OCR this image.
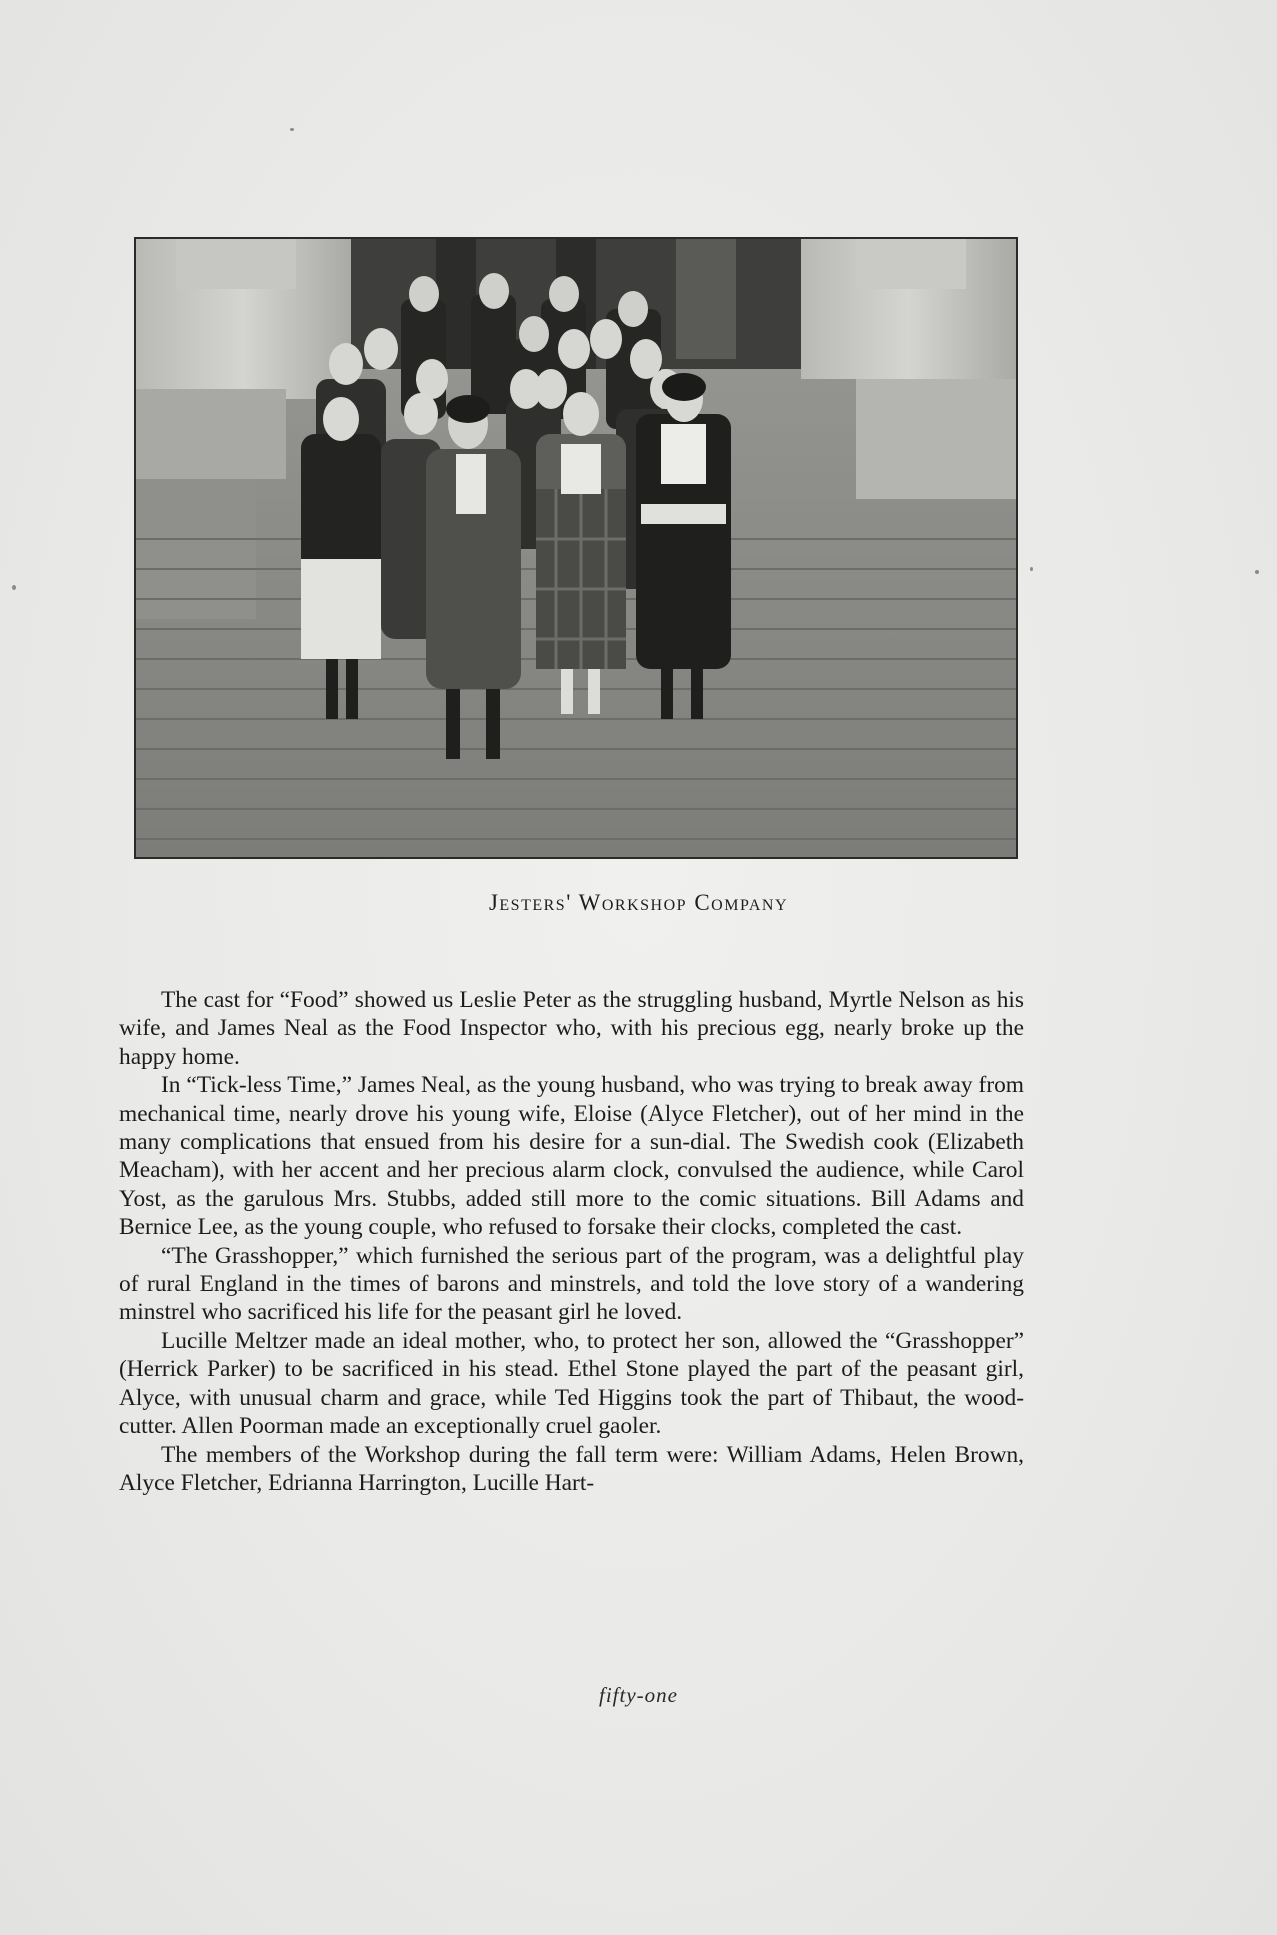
Jesters' Workshop Company

The cast for “Food” showed us Leslie Peter as the struggling husband, Myrtle Nelson as his wife, and James Neal as the Food Inspector who, with his precious egg, nearly broke up the happy home.

In “Tick-less Time,” James Neal, as the young husband, who was trying to break away from mechanical time, nearly drove his young wife, Eloise (Alyce Fletcher), out of her mind in the many complications that ensued from his desire for a sun-dial. The Swedish cook (Elizabeth Meacham), with her accent and her precious alarm clock, convulsed the audience, while Carol Yost, as the garulous Mrs. Stubbs, added still more to the comic situations. Bill Adams and Bernice Lee, as the young couple, who refused to forsake their clocks, completed the cast.

“The Grasshopper,” which furnished the serious part of the program, was a delightful play of rural England in the times of barons and minstrels, and told the love story of a wandering minstrel who sacrificed his life for the peasant girl he loved.

Lucille Meltzer made an ideal mother, who, to protect her son, allowed the “Grasshopper” (Herrick Parker) to be sacrificed in his stead. Ethel Stone played the part of the peasant girl, Alyce, with unusual charm and grace, while Ted Higgins took the part of Thibaut, the wood-cutter. Allen Poorman made an exceptionally cruel gaoler.

The members of the Workshop during the fall term were: William Adams, Helen Brown, Alyce Fletcher, Edrianna Harrington, Lucille Hart-

fifty-one
